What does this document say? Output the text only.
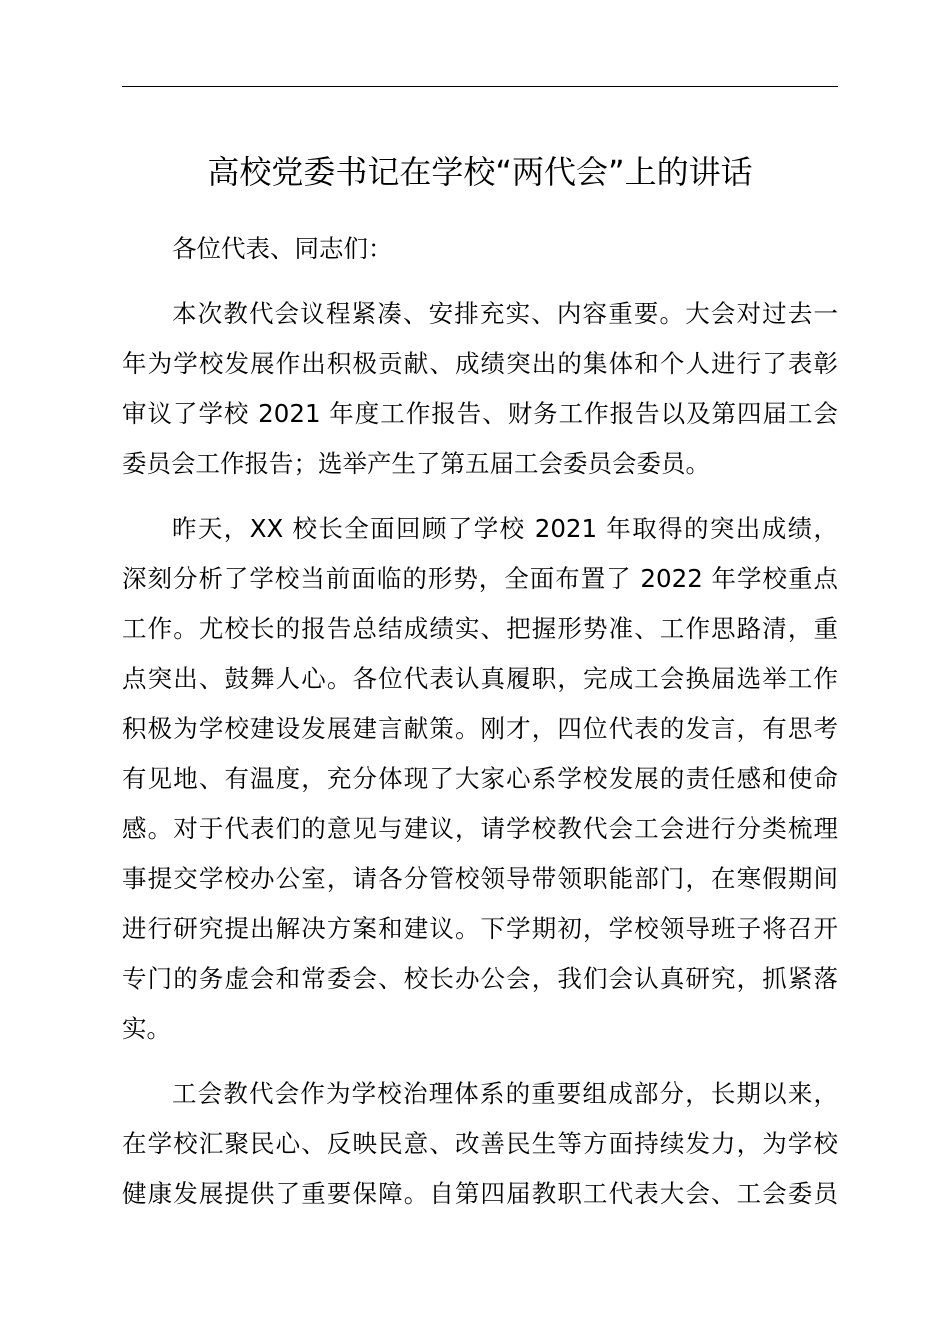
高校党委书记在学校“两代会”上的讲话
各位代表、同志们：
本次教代会议程紧凑、安排充实、内容重要。大会对过去一
年为学校发展作出积极贡献、成绩突出的集体和个人进行了表彰
审议了学校 2021 年度工作报告、财务工作报告以及第四届工会
委员会工作报告；选举产生了第五届工会委员会委员。
昨天，XX 校长全面回顾了学校 2021 年取得的突出成绩，
深刻分析了学校当前面临的形势，全面布置了 2022 年学校重点
工作。尤校长的报告总结成绩实、把握形势准、工作思路清，重
点突出、鼓舞人心。各位代表认真履职，完成工会换届选举工作
积极为学校建设发展建言献策。刚才，四位代表的发言，有思考
有见地、有温度，充分体现了大家心系学校发展的责任感和使命
感。对于代表们的意见与建议，请学校教代会工会进行分类梳理
事提交学校办公室，请各分管校领导带领职能部门，在寒假期间
进行研究提出解决方案和建议。下学期初，学校领导班子将召开
专门的务虚会和常委会、校长办公会，我们会认真研究，抓紧落
实。
工会教代会作为学校治理体系的重要组成部分，长期以来，
在学校汇聚民心、反映民意、改善民生等方面持续发力，为学校
健康发展提供了重要保障。自第四届教职工代表大会、工会委员
